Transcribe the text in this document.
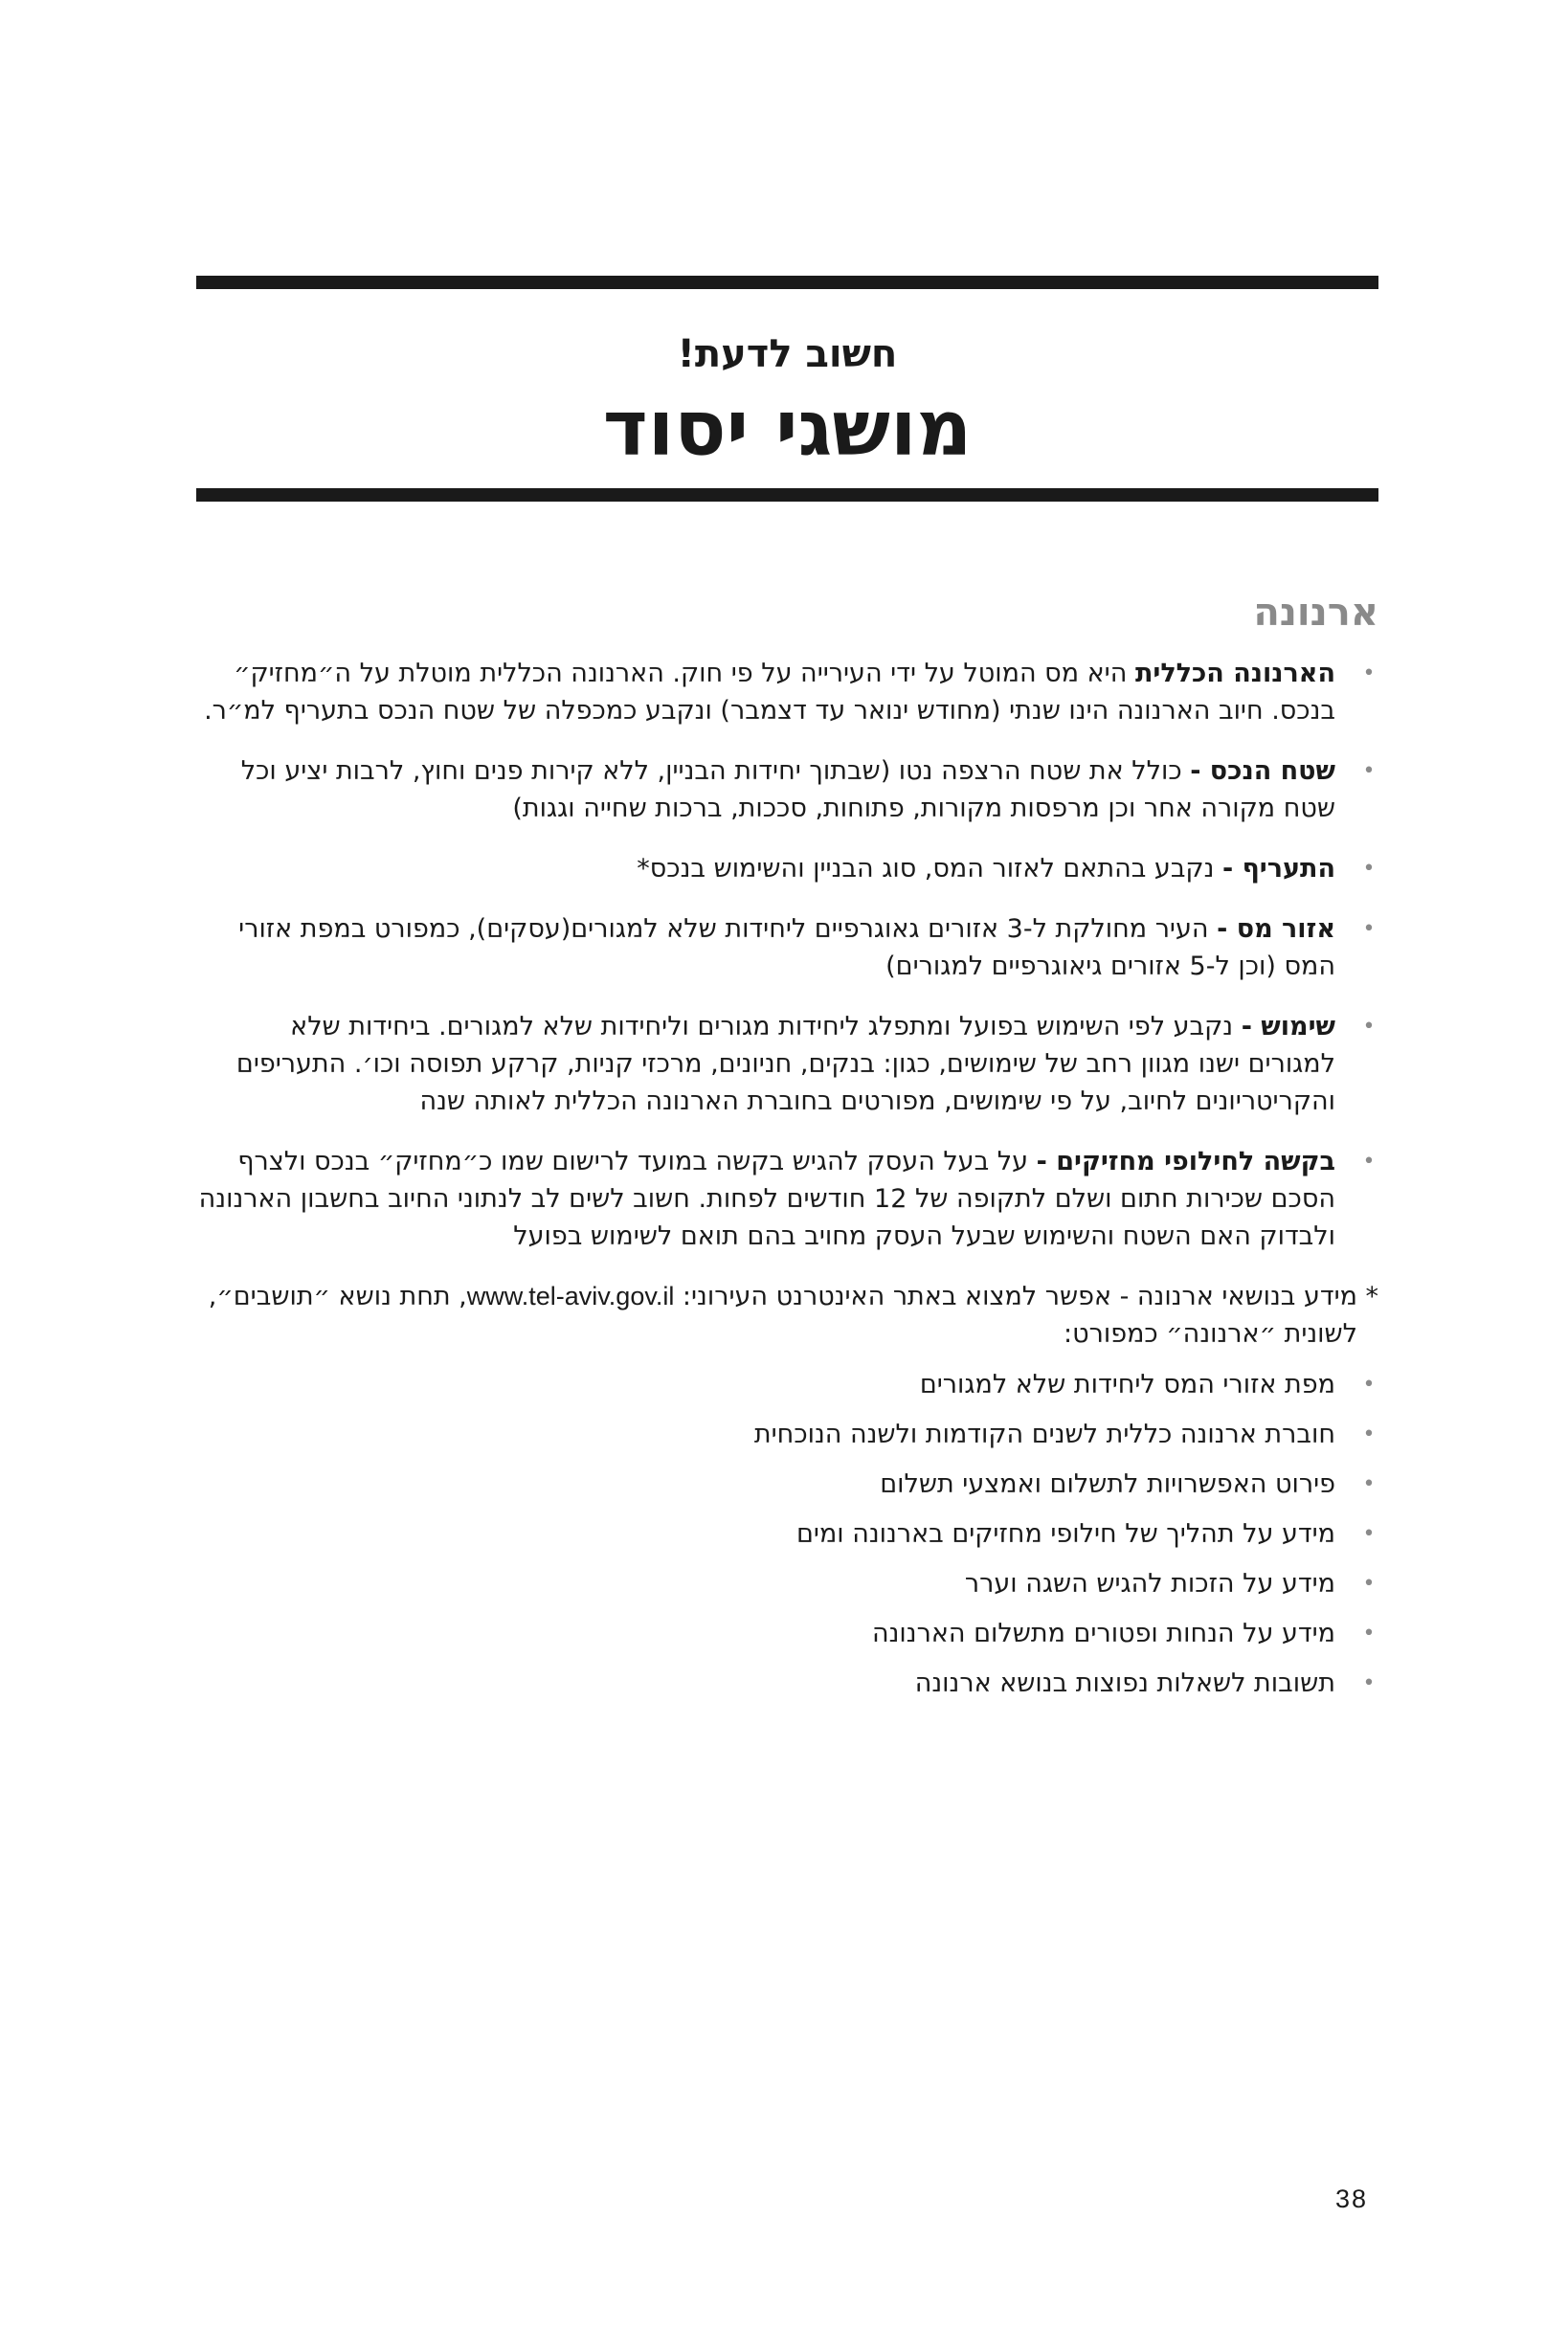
חשוב לדעת!
מושגי יסוד
ארנונה
•
הארנונה הכללית היא מס המוטל על ידי העירייה על פי חוק. הארנונה הכללית מוטלת על ה״מחזיק״ בנכס. חיוב הארנונה הינו שנתי (מחודש ינואר עד דצמבר) ונקבע כמכפלה של שטח הנכס בתעריף למ״ר.
•
שטח הנכס - כולל את שטח הרצפה נטו (שבתוך יחידות הבניין, ללא קירות פנים וחוץ, לרבות יציע וכל שטח מקורה אחר וכן מרפסות מקורות, פתוחות, סככות, ברכות שחייה וגגות)
•
התעריף - נקבע בהתאם לאזור המס, סוג הבניין והשימוש בנכס*
•
אזור מס - העיר מחולקת ל-3 אזורים גאוגרפיים ליחידות שלא למגורים(עסקים), כמפורט במפת אזורי המס (וכן ל-5 אזורים גיאוגרפיים למגורים)
•
שימוש - נקבע לפי השימוש בפועל ומתפלג ליחידות מגורים וליחידות שלא למגורים. ביחידות שלא למגורים ישנו מגוון רחב של שימושים, כגון: בנקים, חניונים, מרכזי קניות, קרקע תפוסה וכו׳. התעריפים והקריטריונים לחיוב, על פי שימושים, מפורטים בחוברת הארנונה הכללית לאותה שנה
•
בקשה לחילופי מחזיקים - על בעל העסק להגיש בקשה במועד לרישום שמו כ״מחזיק״ בנכס ולצרף הסכם שכירות חתום ושלם לתקופה של 12 חודשים לפחות. חשוב לשים לב לנתוני החיוב בחשבון הארנונה ולבדוק האם השטח והשימוש שבעל העסק מחויב בהם תואם לשימוש בפועל

*
מידע בנושאי ארנונה - אפשר למצוא באתר האינטרנט העירוני: www.tel-aviv.gov.il, תחת נושא ״תושבים״, לשונית ״ארנונה״ כמפורט:

•
מפת אזורי המס ליחידות שלא למגורים
•
חוברת ארנונה כללית לשנים הקודמות ולשנה הנוכחית
•
פירוט האפשרויות לתשלום ואמצעי תשלום
•
מידע על תהליך של חילופי מחזיקים בארנונה ומים
•
מידע על הזכות להגיש השגה וערר
•
מידע על הנחות ופטורים מתשלום הארנונה
•
תשובות לשאלות נפוצות בנושא ארנונה
38
